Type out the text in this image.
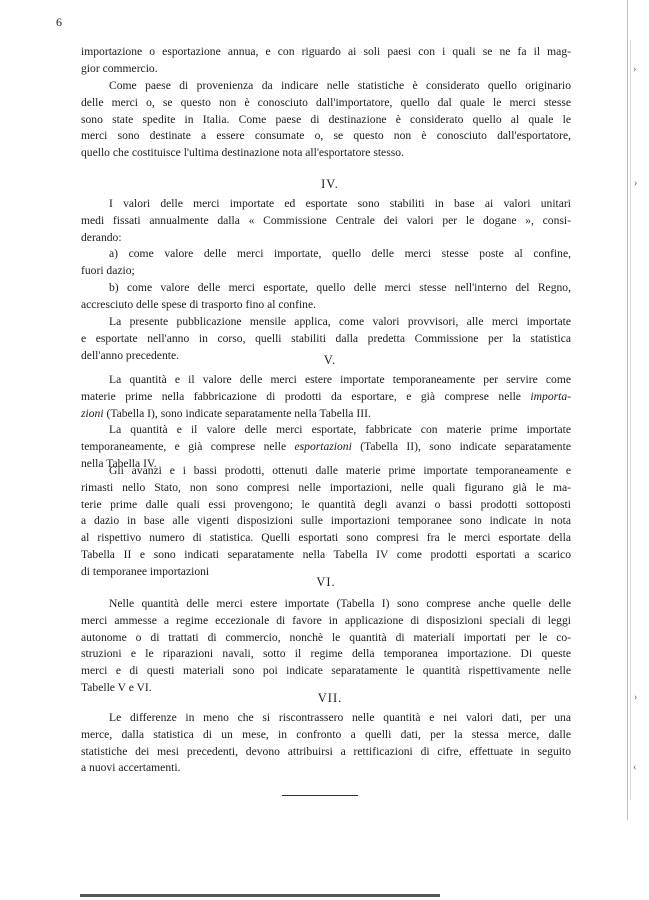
6
›
›
›
‹
importazione o esportazione annua, e con riguardo ai soli paesi con i quali se ne fa il mag-
gior commercio.
Come paese di provenienza da indicare nelle statistiche è considerato quello originario
delle merci o, se questo non è conosciuto dall'importatore, quello dal quale le merci stesse
sono state spedite in Italia. Come paese di destinazione è considerato quello al quale le
merci sono destinate a essere consumate o, se questo non è conosciuto dall'esportatore,
quello che costituisce l'ultima destinazione nota all'esportatore stesso.
IV.
I valori delle merci importate ed esportate sono stabiliti in base ai valori unitari
medi fissati annualmente dalla « Commissione Centrale dei valori per le dogane », consi-
derando:
a) come valore delle merci importate, quello delle merci stesse poste al confine,
fuori dazio;
b) come valore delle merci esportate, quello delle merci stesse nell'interno del Regno,
accresciuto delle spese di trasporto fino al confine.
La presente pubblicazione mensile applica, come valori provvisori, alle merci importate
e esportate nell'anno in corso, quelli stabiliti dalla predetta Commissione per la statistica
dell'anno precedente.	V.
La quantità e il valore delle merci estere importate temporaneamente per servire come
materie prime nella fabbricazione di prodotti da esportare, e già comprese nelle importa-
zioni (Tabella I), sono indicate separatamente nella Tabella III.
La quantità e il valore delle merci esportate, fabbricate con materie prime importate
temporaneamente, e già comprese nelle esportazioni (Tabella II), sono indicate separatamente
nella Tabella IV.
Gli avanzi e i bassi prodotti, ottenuti dalle materie prime importate temporaneamente e
rimasti nello Stato, non sono compresi nelle importazioni, nelle quali figurano già le ma-
terie prime dalle quali essi provengono; le quantità degli avanzi o bassi prodotti sottoposti
a dazio in base alle vigenti disposizioni sulle importazioni temporanee sono indicate in nota
al rispettivo numero di statistica. Quelli esportati sono compresi fra le merci esportate della
Tabella II e sono indicati separatamente nella Tabella IV come prodotti esportati a scarico
di temporanee importazioni
VI.
Nelle quantità delle merci estere importate (Tabella I) sono comprese anche quelle delle
merci ammesse a regime eccezionale di favore in applicazione di disposizioni speciali di leggi
autonome o di trattati di commercio, nonchè le quantità di materiali importati per le co-
struzioni e le riparazioni navali, sotto il regime della temporanea importazione. Di queste
merci e di questi materiali sono poi indicate separatamente le quantità rispettivamente nelle
Tabelle V e VI.
VII.
Le differenze in meno che si riscontrassero nelle quantità e nei valori dati, per una
merce, dalla statistica di un mese, in confronto a quelli dati, per la stessa merce, dalle
statistiche dei mesi precedenti, devono attribuirsi a rettificazioni di cifre, effettuate in seguito
a nuovi accertamenti.
